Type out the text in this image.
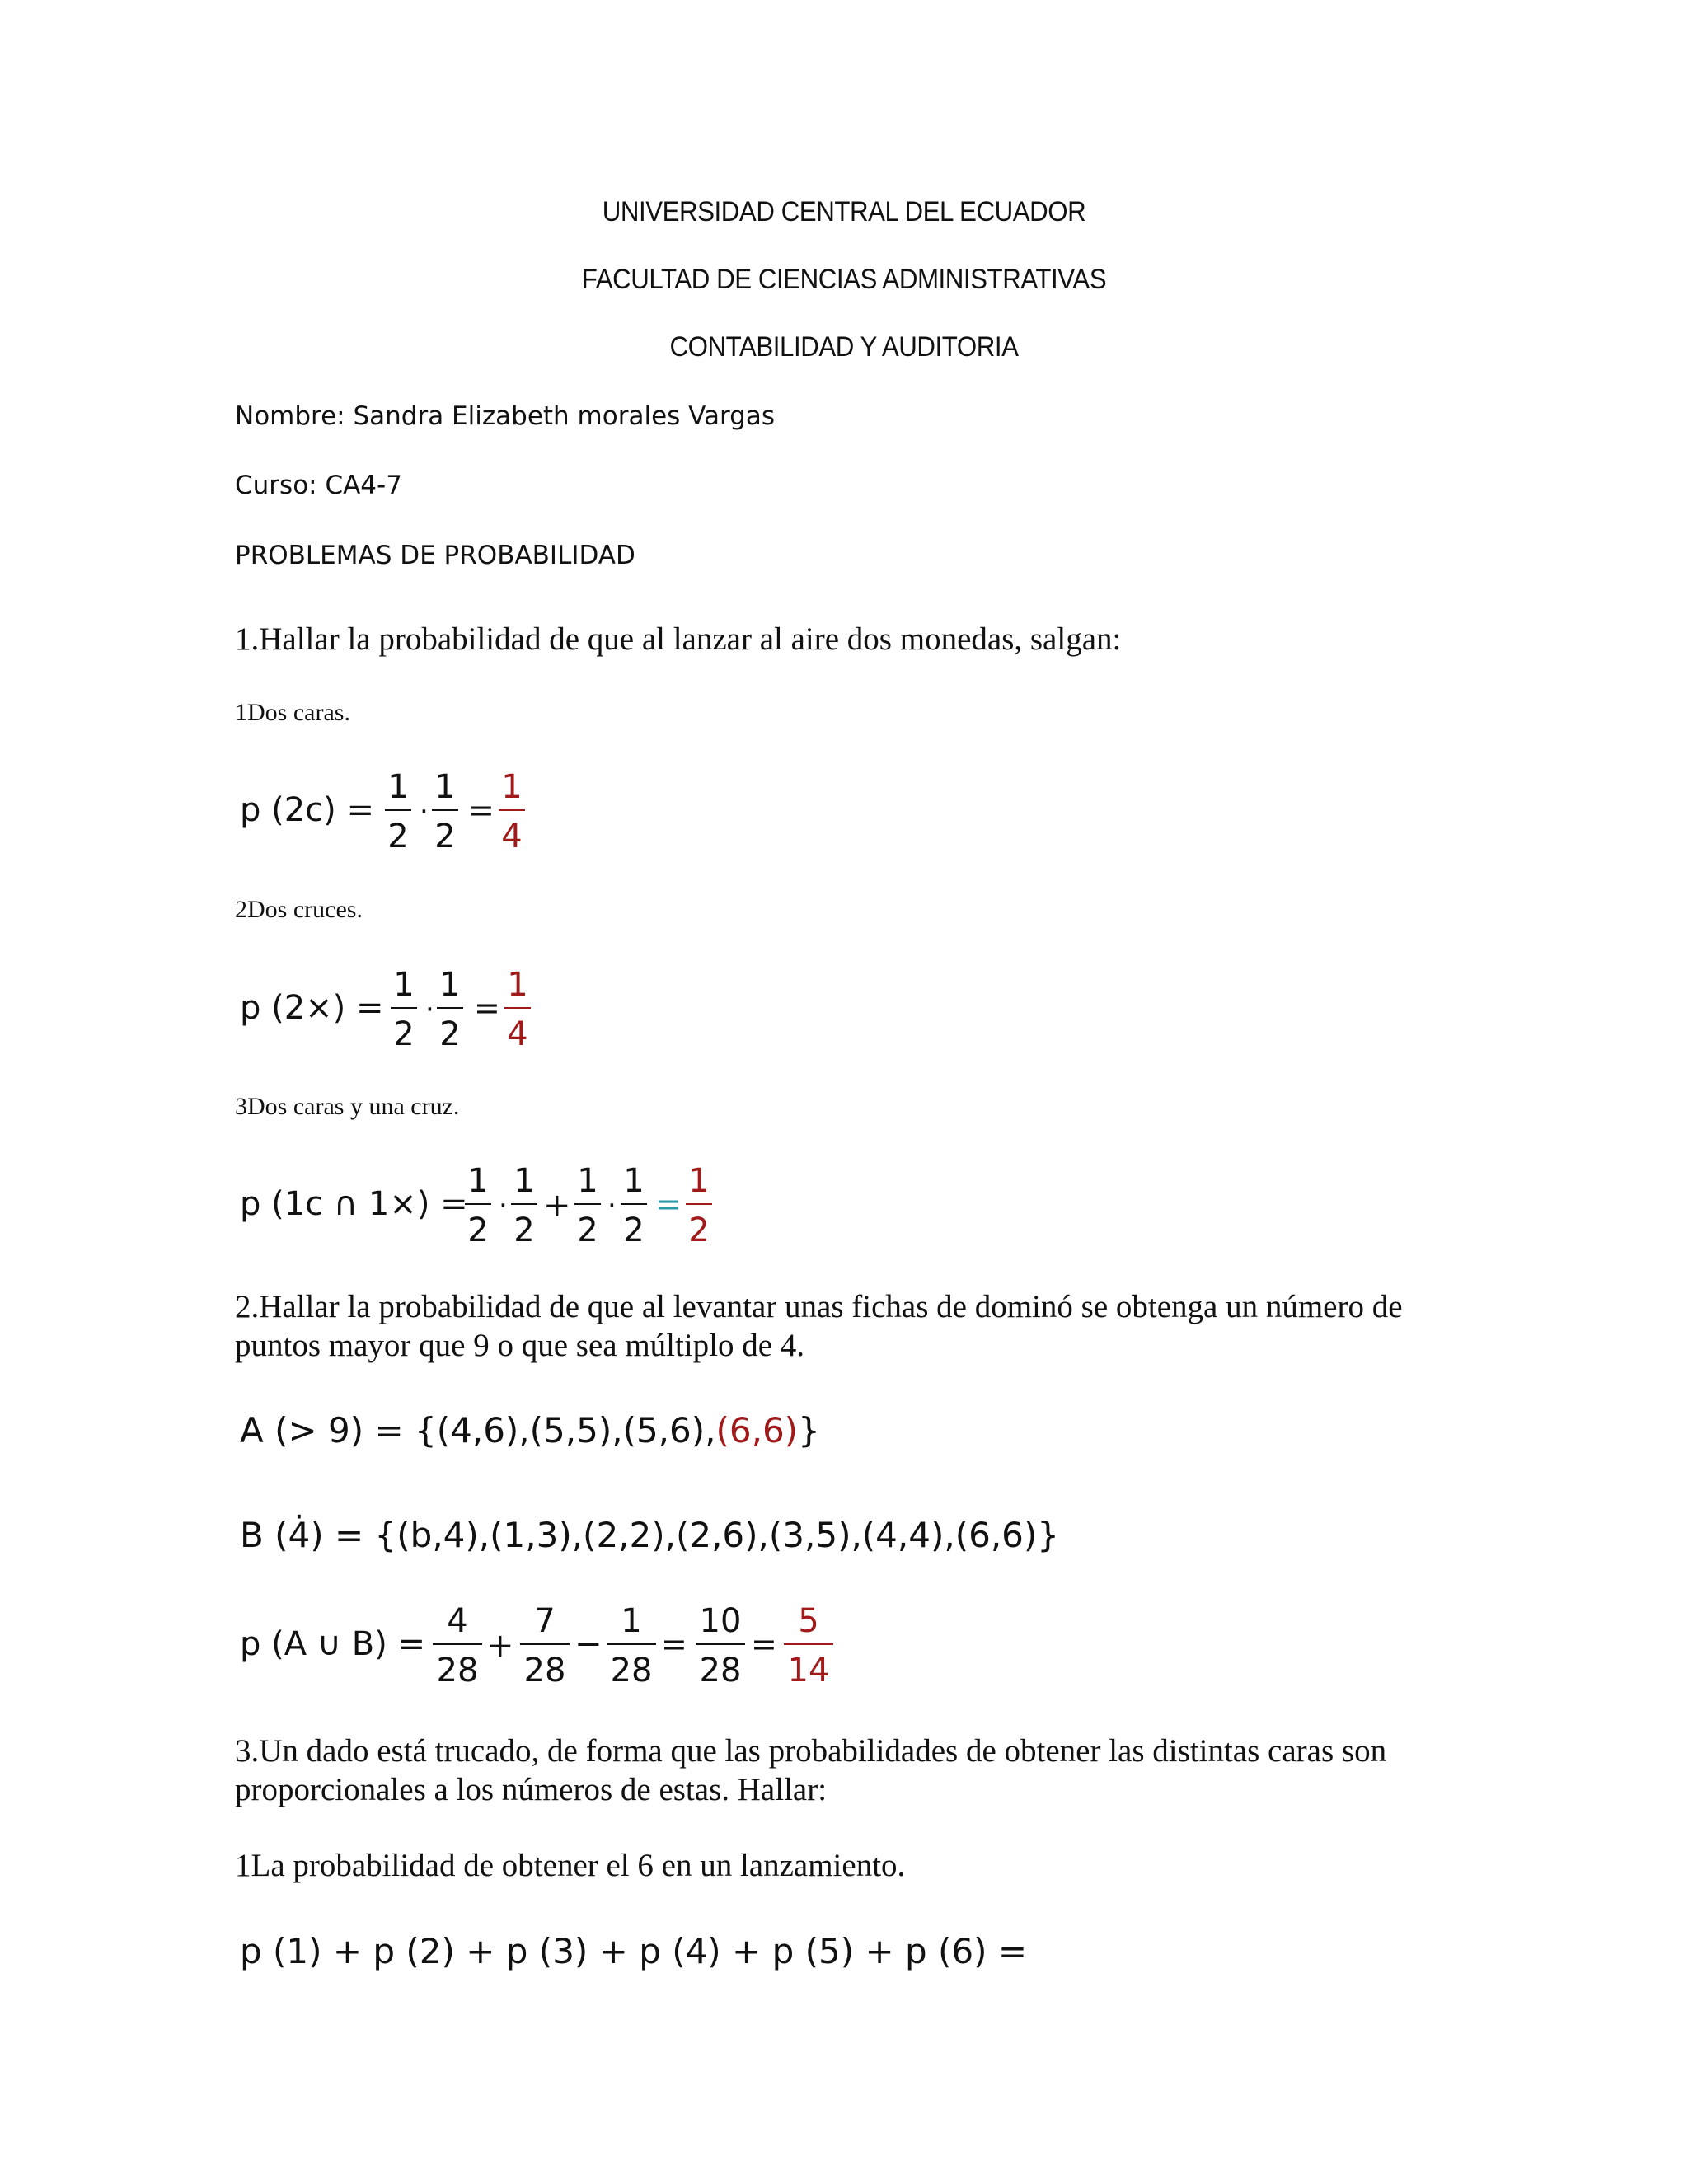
UNIVERSIDAD CENTRAL DEL ECUADOR
FACULTAD DE CIENCIAS ADMINISTRATIVAS
CONTABILIDAD Y AUDITORIA
Nombre: Sandra Elizabeth morales Vargas
Curso: CA4-7
PROBLEMAS DE PROBABILIDAD
1.Hallar la probabilidad de que al lanzar al aire dos monedas, salgan:
1Dos caras.
p (2c) =
1
2
·
1
2
=
1
4
2Dos cruces.
p (2×) =
1
2
·
1
2
=
1
4
3Dos caras y una cruz.
p (1c ∩ 1×) =
1
2
·
1
2
+
1
2
·
1
2
=
1
2
2.Hallar la probabilidad de que al levantar unas fichas de dominó se obtenga un número de puntos mayor que 9 o que sea múltiplo de 4.
A (> 9) = {(4,6),(5,5),(5,6),(6,6)}
B (4̇) = {(b,4),(1,3),(2,2),(2,6),(3,5),(4,4),(6,6)}
p (A ∪ B) =
4
28
+
7
28
−
1
28
=
10
28
=
5
14
3.Un dado está trucado, de forma que las probabilidades de obtener las distintas caras son proporcionales a los números de estas. Hallar:
1La probabilidad de obtener el 6 en un lanzamiento.
p (1) + p (2) + p (3) + p (4) + p (5) + p (6) =
